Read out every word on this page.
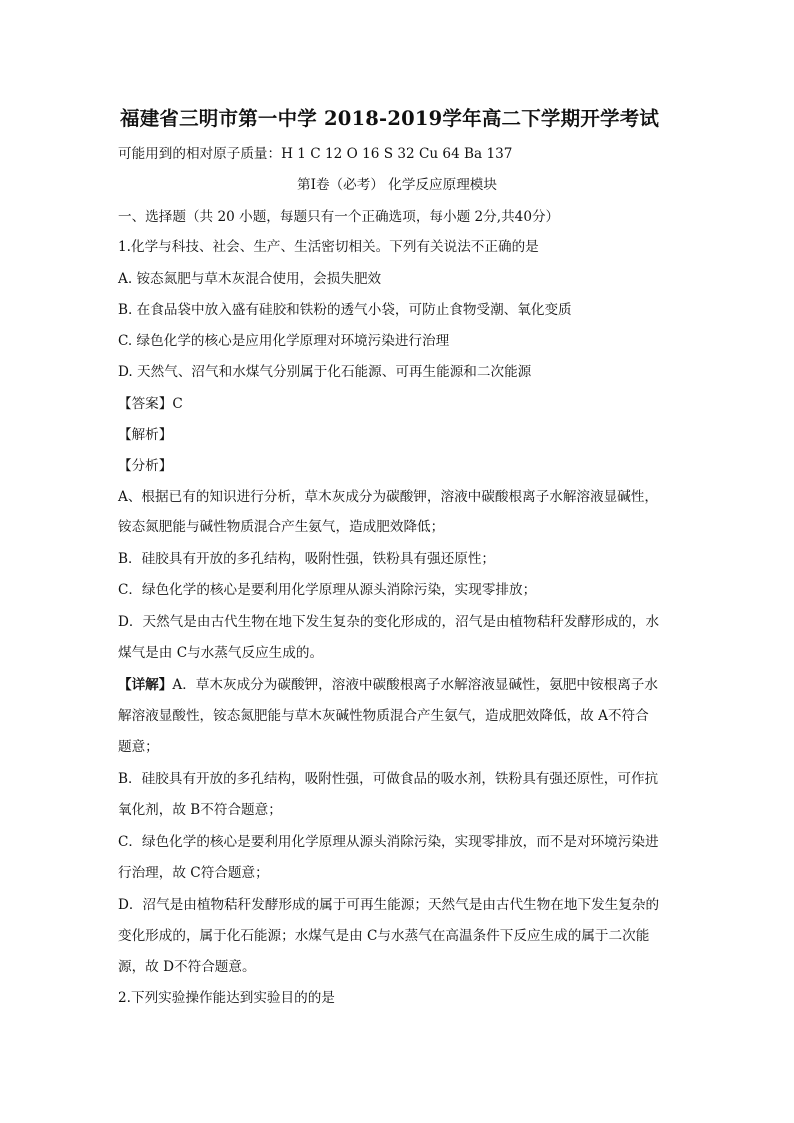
福建省三明市第一中学 2018-2019学年高二下学期开学考试
可能用到的相对原子质量：H 1 C 12 O 16 S 32 Cu 64 Ba 137
第Ⅰ卷（必考） 化学反应原理模块
一、选择题（共 20 小题，每题只有一个正确选项，每小题 2分,共40分）
1.化学与科技、社会、生产、生活密切相关。下列有关说法不正确的是
A. 铵态氮肥与草木灰混合使用，会损失肥效
B. 在食品袋中放入盛有硅胶和铁粉的透气小袋，可防止食物受潮、氧化变质
C. 绿色化学的核心是应用化学原理对环境污染进行治理
D. 天然气、沼气和水煤气分别属于化石能源、可再生能源和二次能源
【答案】C
【解析】
【分析】
A、根据已有的知识进行分析，草木灰成分为碳酸钾，溶液中碳酸根离子水解溶液显碱性，
铵态氮肥能与碱性物质混合产生氨气，造成肥效降低；
B．硅胶具有开放的多孔结构，吸附性强，铁粉具有强还原性；
C．绿色化学的核心是要利用化学原理从源头消除污染，实现零排放；
D．天然气是由古代生物在地下发生复杂的变化形成的，沼气是由植物秸秆发酵形成的，水
煤气是由 C与水蒸气反应生成的。
【详解】A．草木灰成分为碳酸钾，溶液中碳酸根离子水解溶液显碱性，氨肥中铵根离子水
解溶液显酸性，铵态氮肥能与草木灰碱性物质混合产生氨气，造成肥效降低，故 A不符合
题意；
B．硅胶具有开放的多孔结构，吸附性强，可做食品的吸水剂，铁粉具有强还原性，可作抗
氧化剂，故 B不符合题意；
C．绿色化学的核心是要利用化学原理从源头消除污染，实现零排放，而不是对环境污染进
行治理，故 C符合题意；
D．沼气是由植物秸秆发酵形成的属于可再生能源；天然气是由古代生物在地下发生复杂的
变化形成的，属于化石能源；水煤气是由 C与水蒸气在高温条件下反应生成的属于二次能
源，故 D不符合题意。
2.下列实验操作能达到实验目的的是
